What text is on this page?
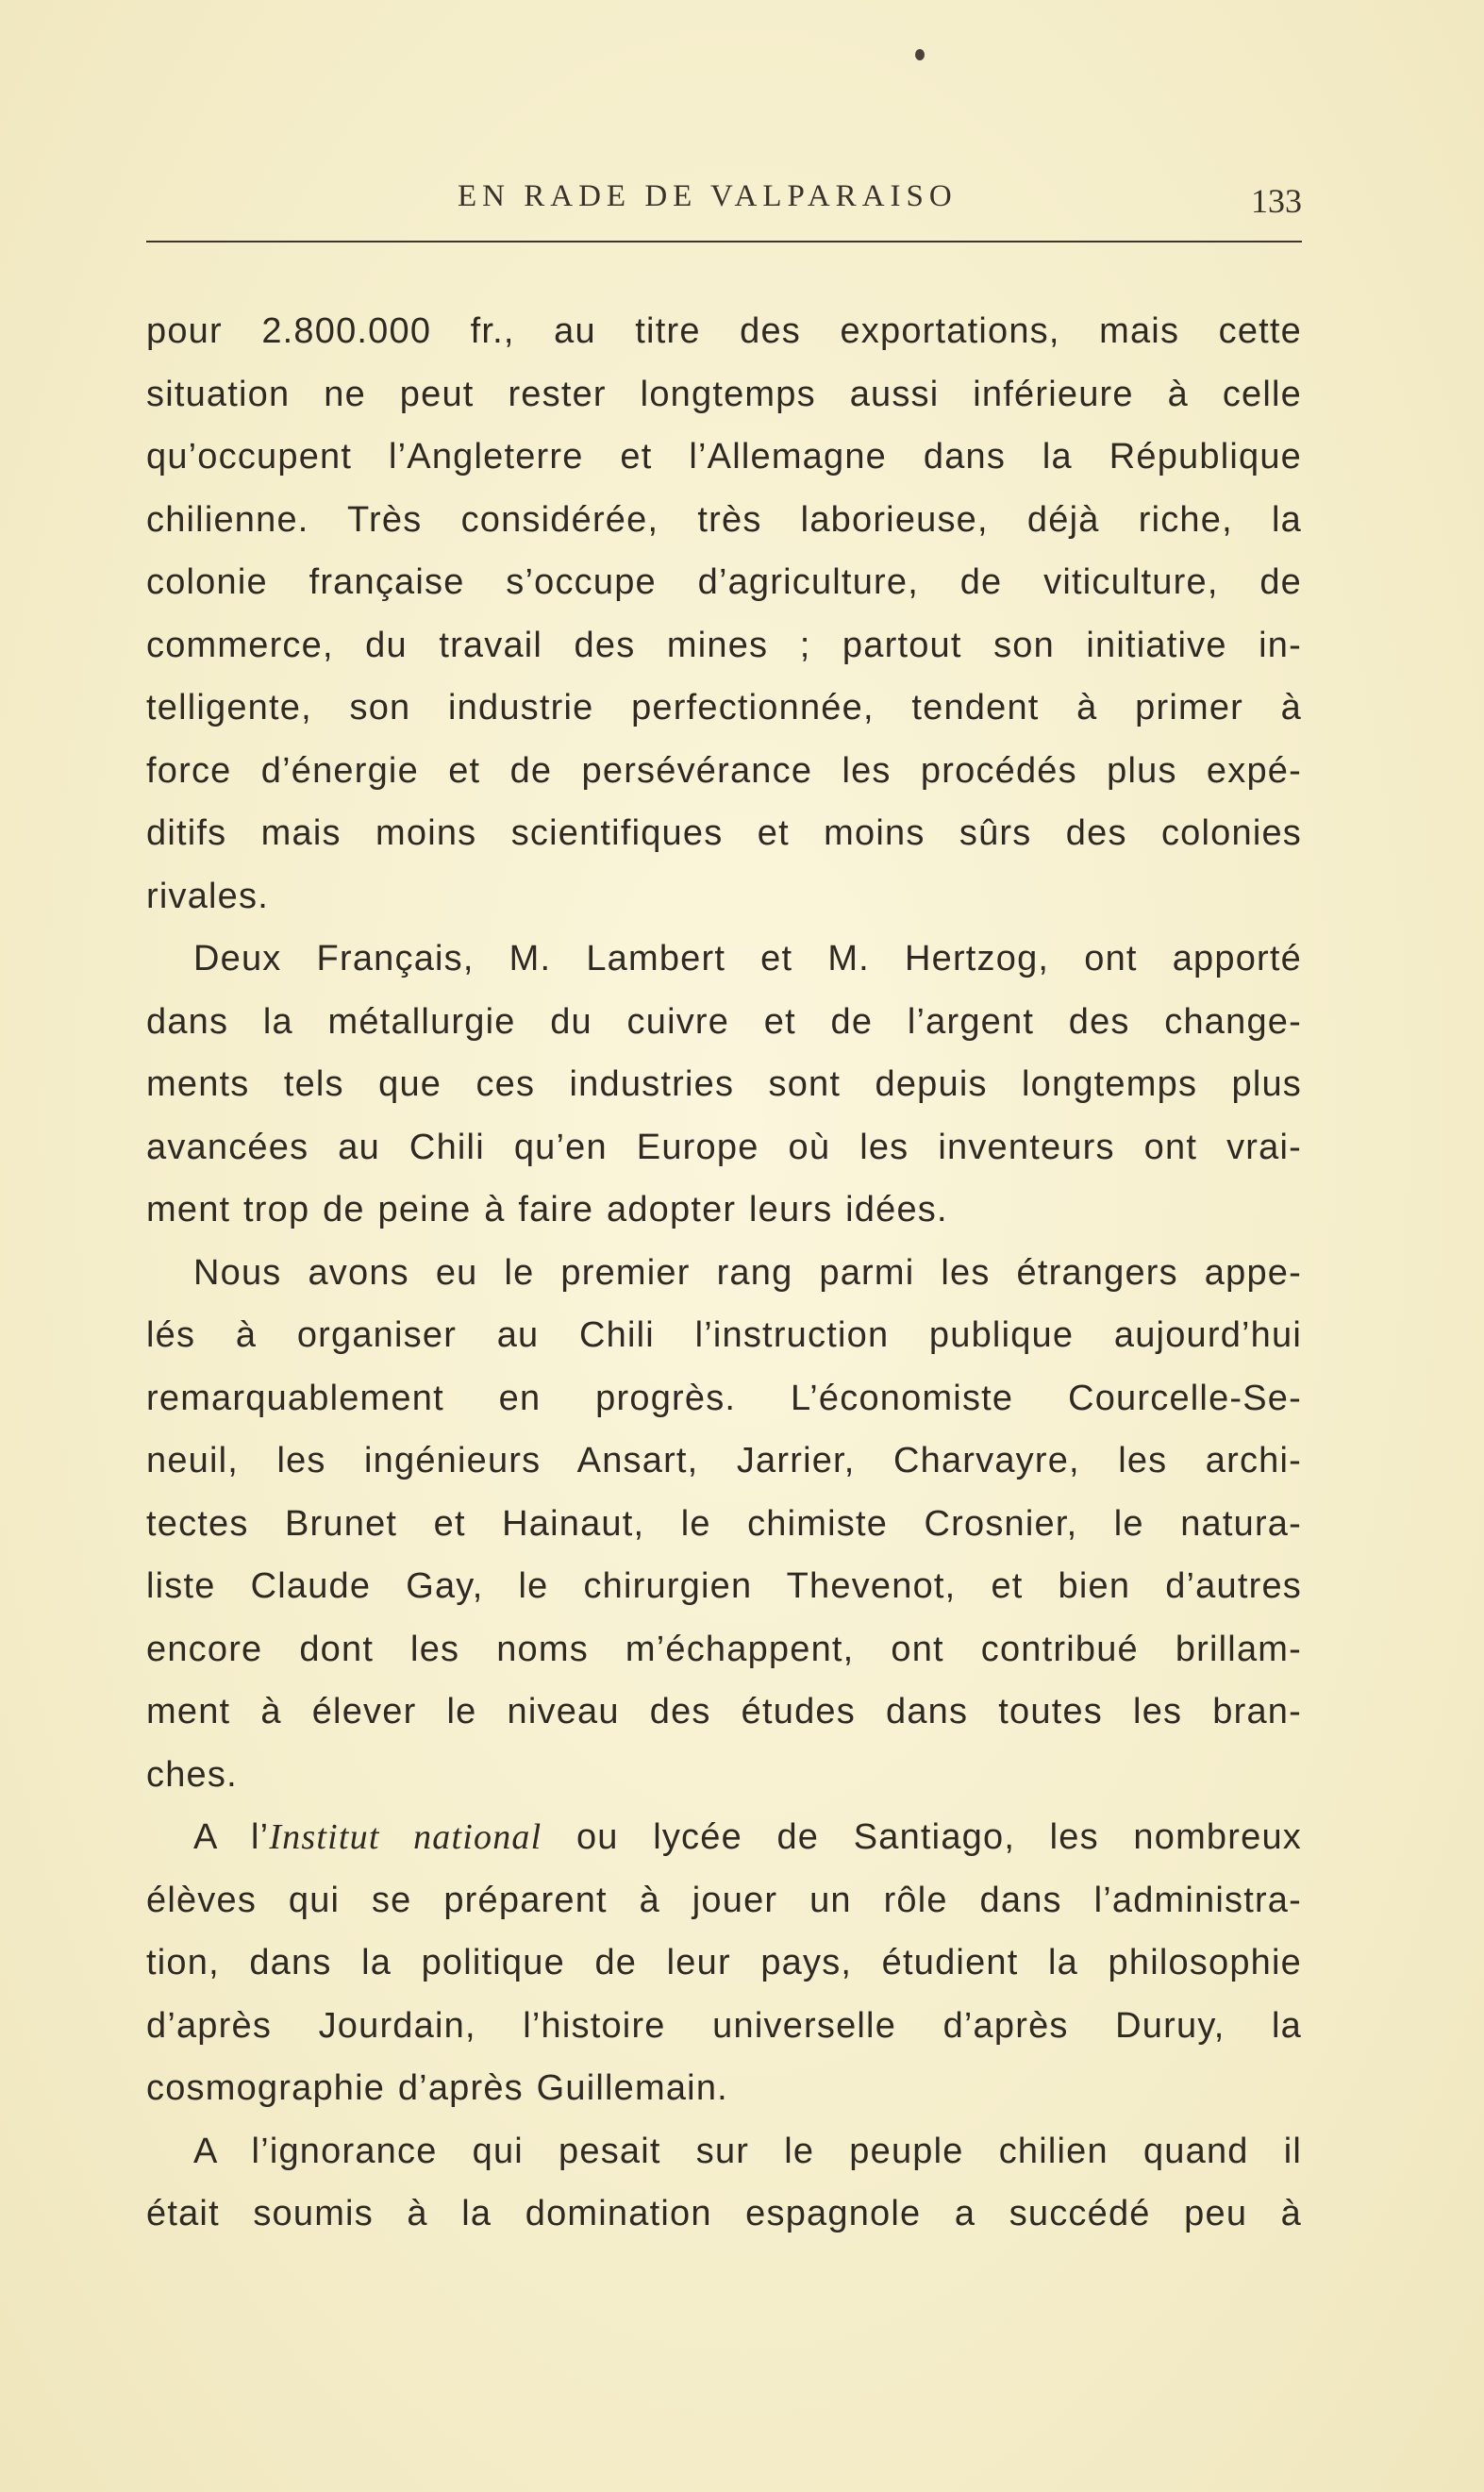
EN RADE DE VALPARAISO	133
pour 2.800.000 fr., au titre des exportations, mais cette
situation ne peut rester longtemps aussi inférieure à celle
qu’occupent l’Angleterre et l’Allemagne dans la République
chilienne. Très considérée, très laborieuse, déjà riche, la
colonie française s’occupe d’agriculture, de viticulture, de
commerce, du travail des mines ; partout son initiative in-
telligente, son industrie perfectionnée, tendent à primer à
force d’énergie et de persévérance les procédés plus expé-
ditifs mais moins scientifiques et moins sûrs des colonies
rivales.
Deux Français, M. Lambert et M. Hertzog, ont apporté
dans la métallurgie du cuivre et de l’argent des change-
ments tels que ces industries sont depuis longtemps plus
avancées au Chili qu’en Europe où les inventeurs ont vrai-
ment trop de peine à faire adopter leurs idées.
Nous avons eu le premier rang parmi les étrangers appe-
lés à organiser au Chili l’instruction publique aujourd’hui
remarquablement en progrès. L’économiste Courcelle-Se-
neuil, les ingénieurs Ansart, Jarrier, Charvayre, les archi-
tectes Brunet et Hainaut, le chimiste Crosnier, le natura-
liste Claude Gay, le chirurgien Thevenot, et bien d’autres
encore dont les noms m’échappent, ont contribué brillam-
ment à élever le niveau des études dans toutes les bran-
ches.
A l’Institut national ou lycée de Santiago, les nombreux
élèves qui se préparent à jouer un rôle dans l’administra-
tion, dans la politique de leur pays, étudient la philosophie
d’après Jourdain, l’histoire universelle d’après Duruy, la
cosmographie d’après Guillemain.
A l’ignorance qui pesait sur le peuple chilien quand il
était soumis à la domination espagnole a succédé peu à
